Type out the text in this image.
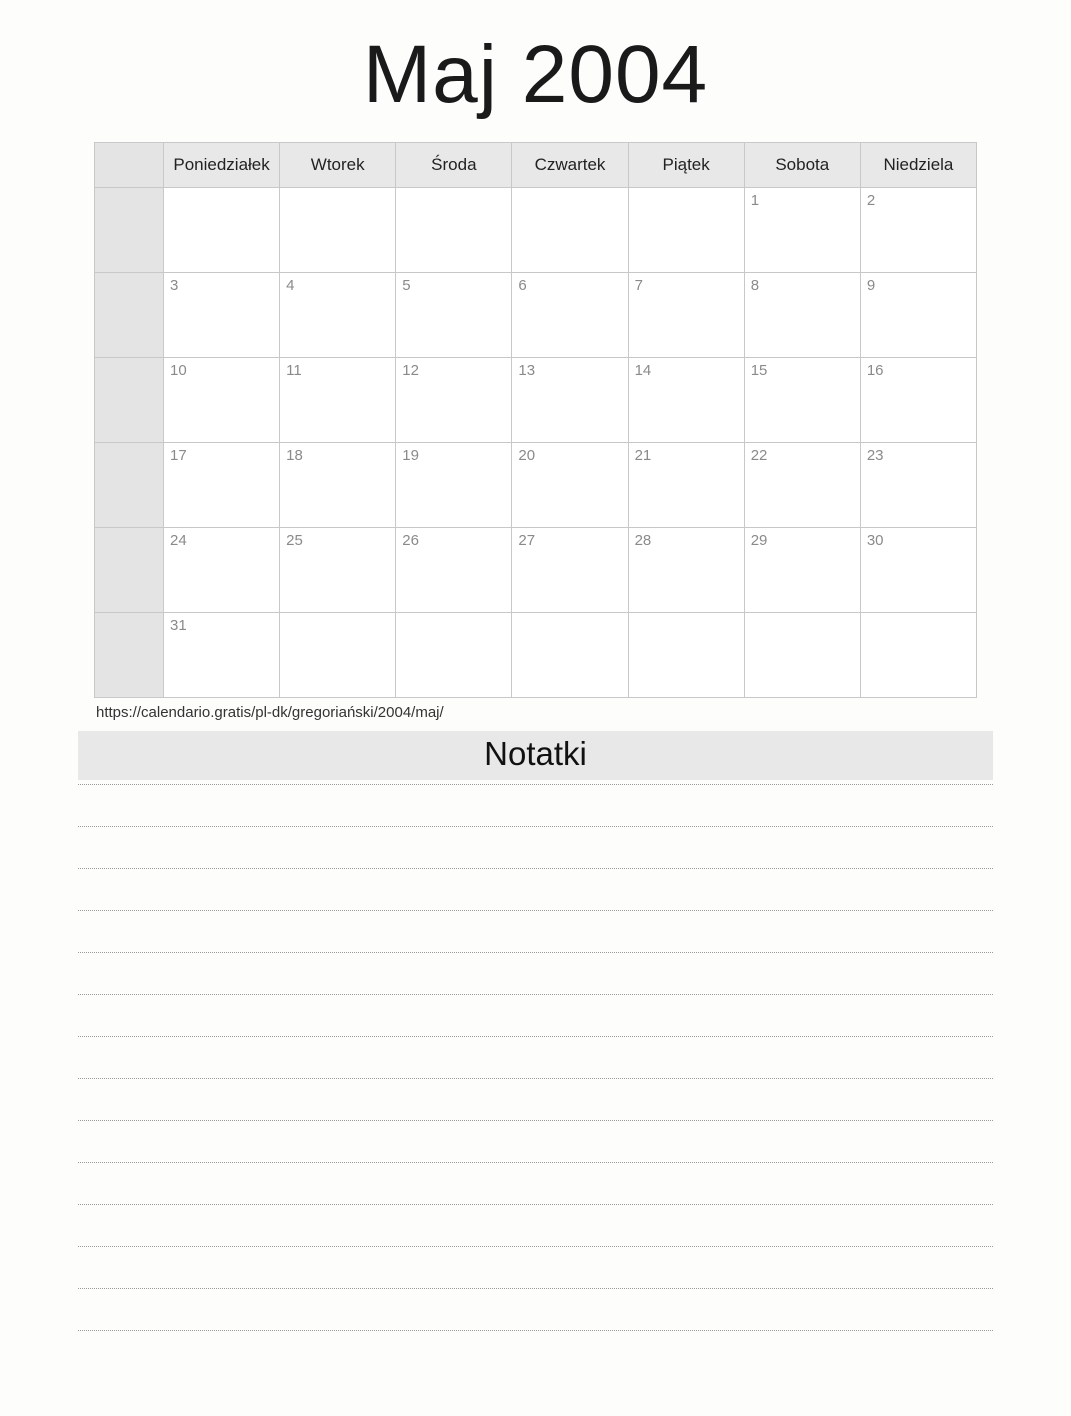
Maj 2004
	Poniedziałek	Wtorek	Środa	Czwartek	Piątek	Sobota	Niedziela

						1	2

	3	4	5	6	7	8	9

	10	11	12	13	14	15	16

	17	18	19	20	21	22	23

	24	25	26	27	28	29	30

	31						

https://calendario.gratis/pl-dk/gregoriański/2004/maj/
Notatki
